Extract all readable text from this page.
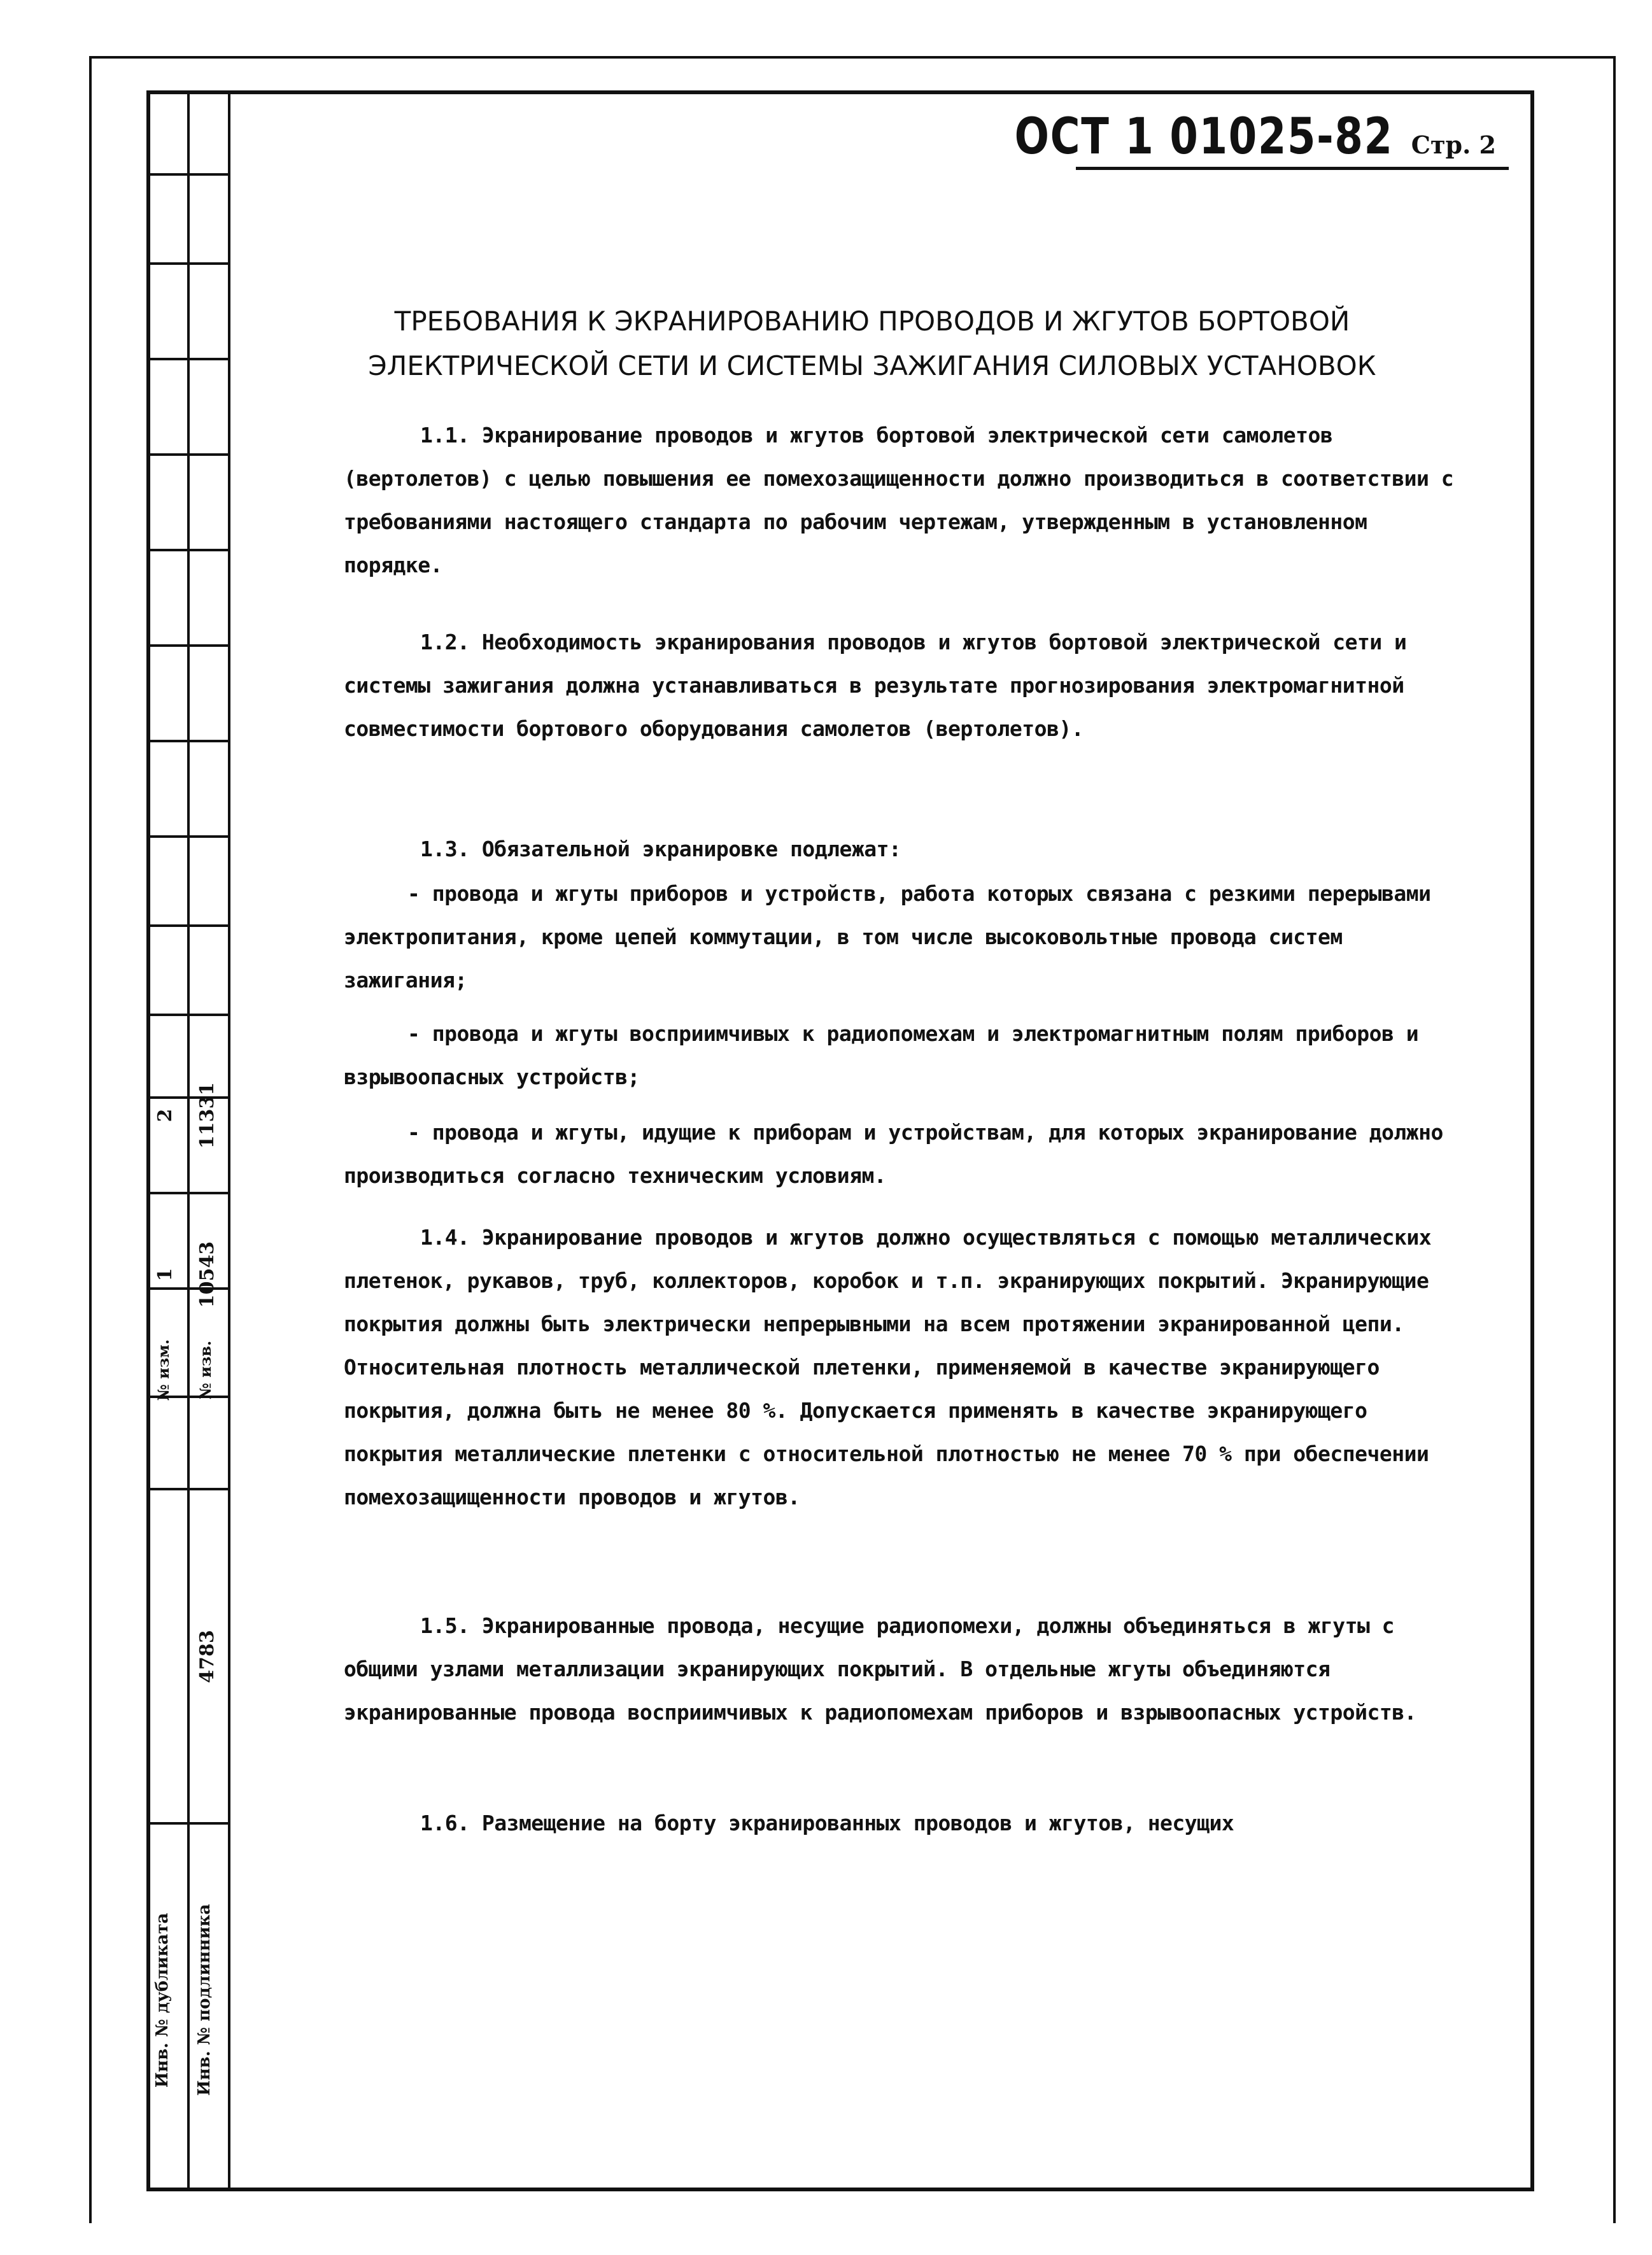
2
1
№ изм.
11331
10543
№ изв.
4783
Инв. № дубликата	Инв. № подлинника
ОСТ 1 01025-82 Стр. 2
ТРЕБОВАНИЯ К ЭКРАНИРОВАНИЮ ПРОВОДОВ И ЖГУТОВ БОРТОВОЙ
ЭЛЕКТРИЧЕСКОЙ СЕТИ И СИСТЕМЫ ЗАЖИГАНИЯ СИЛОВЫХ УСТАНОВОК

1.1. Экранирование проводов и жгутов бортовой электрической сети самолетов (вертолетов) с целью повышения ее помехозащищенности должно производиться в соответствии с требованиями настоящего стандарта по рабочим чертежам, утвержденным в установленном порядке.

1.2. Необходимость экранирования проводов и жгутов бортовой электрической сети и системы зажигания должна устанавливаться в результате прогнозирования электромагнитной совместимости бортового оборудования самолетов (вертолетов).

1.3. Обязательной экранировке подлежат:

- провода и жгуты приборов и устройств, работа которых связана с резкими перерывами электропитания, кроме цепей коммутации, в том числе высоковольтные провода систем зажигания;

- провода и жгуты восприимчивых к радиопомехам и электромагнитным полям приборов и взрывоопасных устройств;

- провода и жгуты, идущие к приборам и устройствам, для которых экранирование должно производиться согласно техническим условиям.

1.4. Экранирование проводов и жгутов должно осуществляться с помощью металлических плетенок, рукавов, труб, коллекторов, коробок и т.п. экранирующих покрытий. Экранирующие покрытия должны быть электрически непрерывными на всем протяжении экранированной цепи. Относительная плотность металлической плетенки, применяемой в качестве экранирующего покрытия, должна быть не менее 80 %. Допускается применять в качестве экранирующего покрытия металлические плетенки с относительной плотностью не менее 70 % при обеспечении помехозащищенности проводов и жгутов.

1.5. Экранированные провода, несущие радиопомехи, должны объединяться в жгуты с общими узлами металлизации экранирующих покрытий. В отдельные жгуты объединяются экранированные провода восприимчивых к радиопомехам приборов и взрывоопасных устройств.

1.6. Размещение на борту экранированных проводов и жгутов, несущих
